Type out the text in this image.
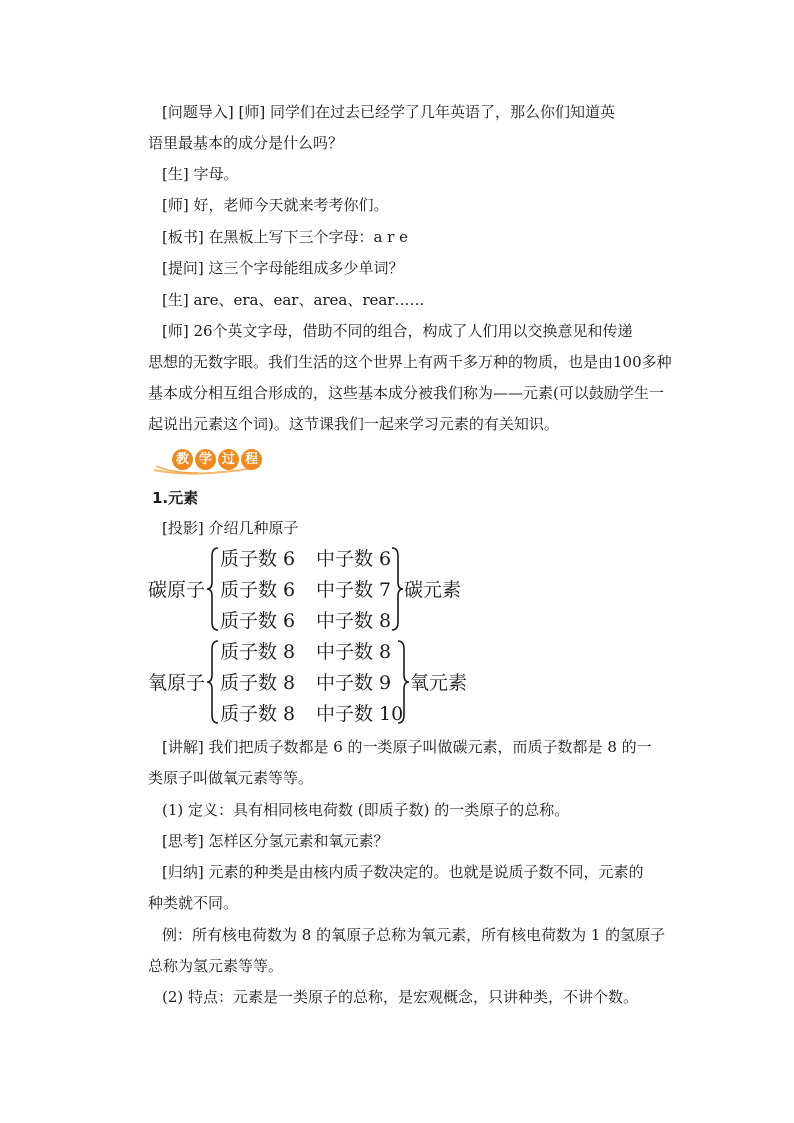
[问题导入] [师] 同学们在过去已经学了几年英语了，那么你们知道英
语里最基本的成分是什么吗？
[生] 字母。
[师] 好，老师今天就来考考你们。
[板书] 在黑板上写下三个字母：a r e
[提问] 这三个字母能组成多少单词？
[生] are、era、ear、area、rear……
[师] 26个英文字母，借助不同的组合，构成了人们用以交换意见和传递
思想的无数字眼。我们生活的这个世界上有两千多万种的物质，也是由100多种
基本成分相互组合形成的，这些基本成分被我们称为——元素(可以鼓励学生一
起说出元素这个词)。这节课我们一起来学习元素的有关知识。
教 学 过 程
1.元素
[投影] 介绍几种原子
碳原子
质子数 6 中子数 6
质子数 6 中子数 7
质子数 6 中子数 8
碳元素
氧原子
质子数 8 中子数 8
质子数 8 中子数 9
质子数 8 中子数 10
氧元素
[讲解] 我们把质子数都是 6 的一类原子叫做碳元素，而质子数都是 8 的一
类原子叫做氧元素等等。
(1) 定义：具有相同核电荷数 (即质子数) 的一类原子的总称。
[思考] 怎样区分氢元素和氧元素？
[归纳] 元素的种类是由核内质子数决定的。也就是说质子数不同，元素的
种类就不同。
例：所有核电荷数为 8 的氧原子总称为氧元素，所有核电荷数为 1 的氢原子
总称为氢元素等等。
(2) 特点：元素是一类原子的总称，是宏观概念，只讲种类，不讲个数。
